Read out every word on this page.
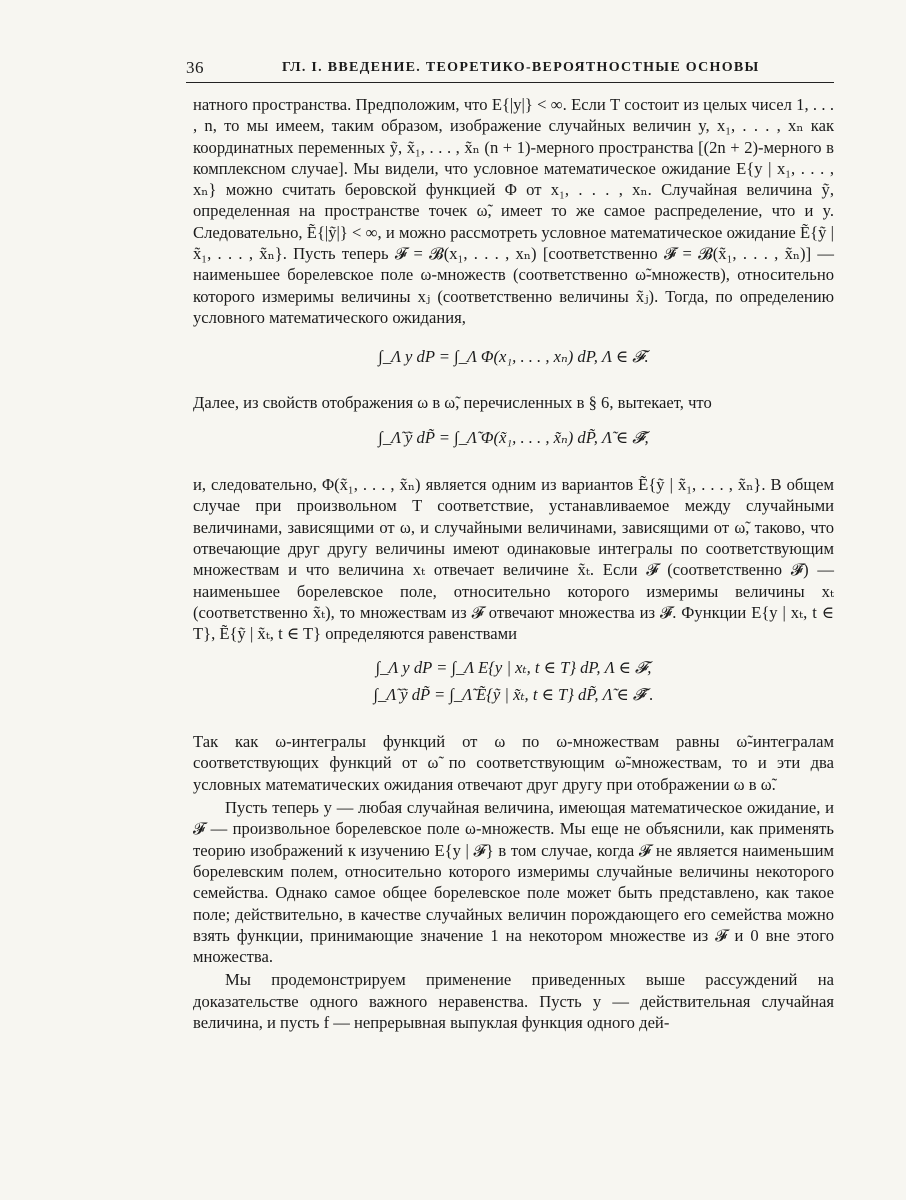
36	ГЛ. I. ВВЕДЕНИЕ. ТЕОРЕТИКО-ВЕРОЯТНОСТНЫЕ ОСНОВЫ

натного пространства. Предположим, что E{|y|} < ∞. Если T состоит из целых чисел 1, . . . , n, то мы имеем, таким образом, изображение случайных величин y, x₁, . . . , xₙ как координатных переменных ỹ, x̃₁, . . . , x̃ₙ (n + 1)-мерного пространства [(2n + 2)-мерного в комплексном случае]. Мы видели, что условное математическое ожидание E{y | x₁, . . . , xₙ} можно считать беровской функцией Φ от x₁, . . . , xₙ. Случайная величина ỹ, определенная на пространстве точек ω̃, имеет то же самое распределение, что и y. Следовательно, Ẽ{|ỹ|} < ∞, и можно рассмотреть условное математическое ожидание Ẽ{ỹ | x̃₁, . . . , x̃ₙ}. Пусть теперь 𝓕 = 𝓑(x₁, . . . , xₙ) [соответственно 𝓕̃ = 𝓑(x̃₁, . . . , x̃ₙ)] — наименьшее борелевское поле ω-множеств (соответственно ω̃-множеств), относительно которого измеримы величины xⱼ (соответственно величины x̃ⱼ). Тогда, по определению условного математического ожидания,

∫_Λ y dP = ∫_Λ Φ(x₁, . . . , xₙ) dP, Λ ∈ 𝓕.

Далее, из свойств отображения ω в ω̃, перечисленных в § 6, вытекает, что

∫_Λ̃ ỹ dP̃ = ∫_Λ̃ Φ(x̃₁, . . . , x̃ₙ) dP̃, Λ̃ ∈ 𝓕̃,

и, следовательно, Φ(x̃₁, . . . , x̃ₙ) является одним из вариантов Ẽ{ỹ | x̃₁, . . . , x̃ₙ}. В общем случае при произвольном T соответствие, устанавливаемое между случайными величинами, зависящими от ω, и случайными величинами, зависящими от ω̃, таково, что отвечающие друг другу величины имеют одинаковые интегралы по соответствующим множествам и что величина xₜ отвечает величине x̃ₜ. Если 𝓕 (соответственно 𝓕̃) — наименьшее борелевское поле, относительно которого измеримы величины xₜ (соответственно x̃ₜ), то множествам из 𝓕 отвечают множества из 𝓕̃. Функции E{y | xₜ, t ∈ T}, Ẽ{ỹ | x̃ₜ, t ∈ T} определяются равенствами

∫_Λ y dP = ∫_Λ E{y | xₜ, t ∈ T} dP, Λ ∈ 𝓕,

∫_Λ̃ ỹ dP̃ = ∫_Λ̃ Ẽ{ỹ | x̃ₜ, t ∈ T} dP̃, Λ̃ ∈ 𝓕̃ .

Так как ω-интегралы функций от ω по ω-множествам равны ω̃-интегралам соответствующих функций от ω̃ по соответствующим ω̃-множествам, то и эти два условных математических ожидания отвечают друг другу при отображении ω в ω̃.

Пусть теперь y — любая случайная величина, имеющая математическое ожидание, и 𝓕 — произвольное борелевское поле ω-множеств. Мы еще не объяснили, как применять теорию изображений к изучению E{y | 𝓕} в том случае, когда 𝓕 не является наименьшим борелевским полем, относительно которого измеримы случайные величины некоторого семейства. Однако самое общее борелевское поле может быть представлено, как такое поле; действительно, в качестве случайных величин порождающего его семейства можно взять функции, принимающие значение 1 на некотором множестве из 𝓕 и 0 вне этого множества.

Мы продемонстрируем применение приведенных выше рассуждений на доказательстве одного важного неравенства. Пусть y — действительная случайная величина, и пусть f — непрерывная выпуклая функция одного дей-
